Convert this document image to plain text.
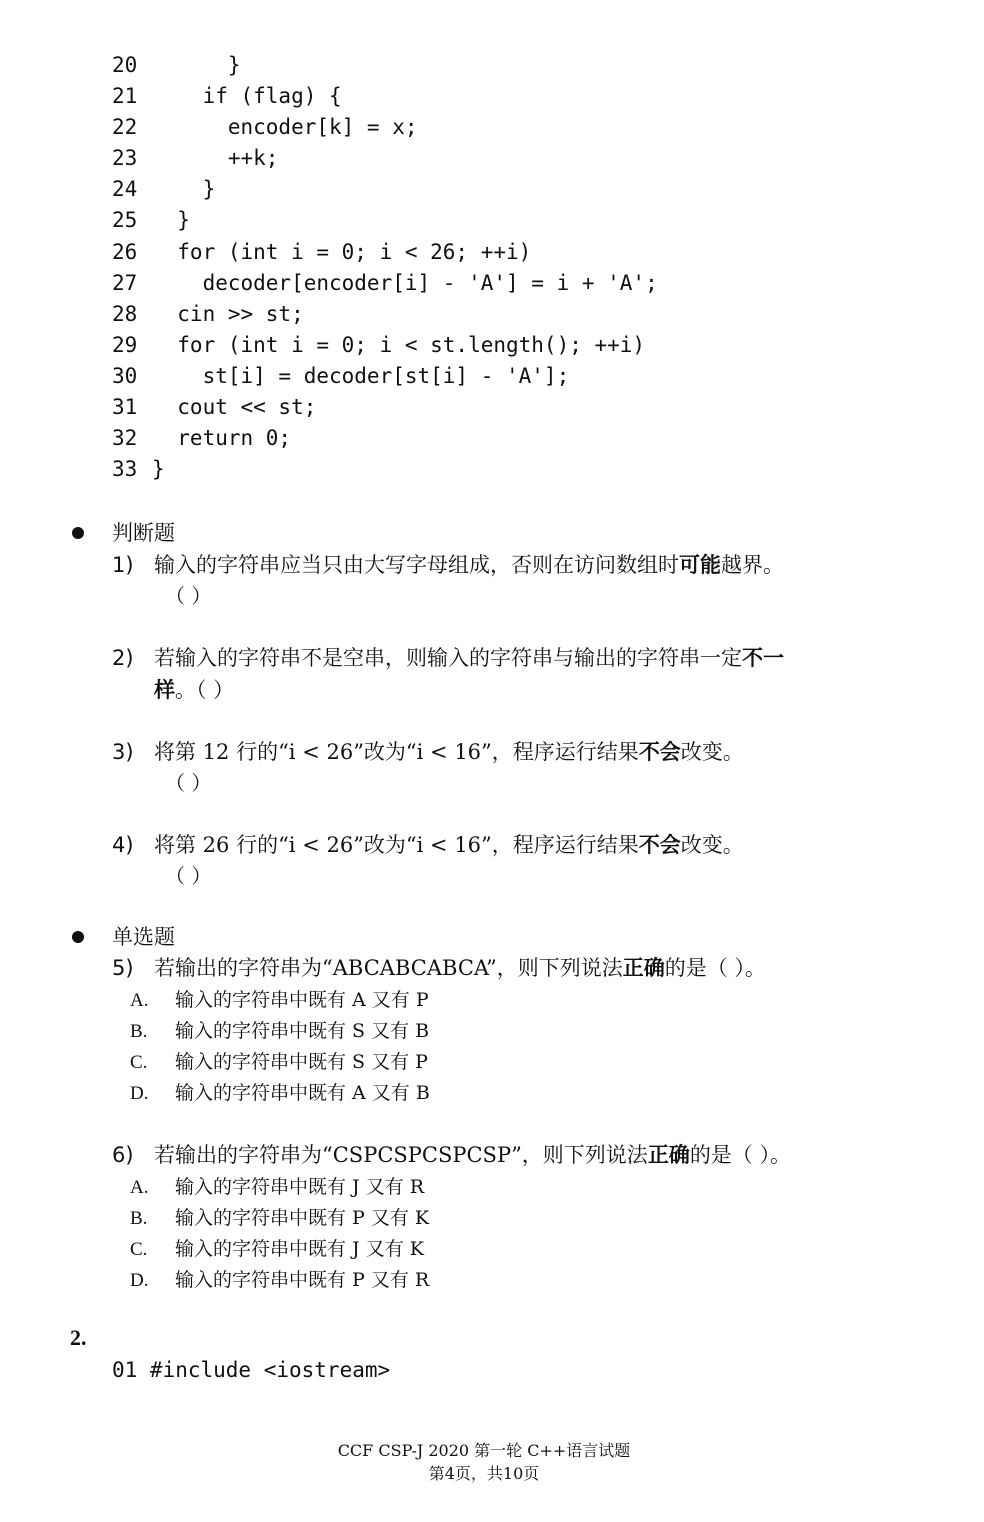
20      }
21    if (flag) {
22      encoder[k] = x;
23      ++k;
24    }
25  }
26  for (int i = 0; i < 26; ++i)
27    decoder[encoder[i] - 'A'] = i + 'A';
28  cin >> st;
29  for (int i = 0; i < st.length(); ++i)
30    st[i] = decoder[st[i] - 'A'];
31  cout << st;
32  return 0;
33 }
判断题
1) 输入的字符串应当只由大写字母组成，否则在访问数组时可能越界。
（ ）
2) 若输入的字符串不是空串，则输入的字符串与输出的字符串一定不一
样。（ ）
3) 将第 12 行的“i < 26”改为“i < 16”，程序运行结果不会改变。
（ ）
4) 将第 26 行的“i < 26”改为“i < 16”，程序运行结果不会改变。
（ ）
单选题
5) 若输出的字符串为“ABCABCABCA”，则下列说法正确的是（ ）。
A. 输入的字符串中既有 A 又有 P
B. 输入的字符串中既有 S 又有 B
C. 输入的字符串中既有 S 又有 P
D. 输入的字符串中既有 A 又有 B
6) 若输出的字符串为“CSPCSPCSPCSP”，则下列说法正确的是（ ）。
A. 输入的字符串中既有 J 又有 R
B. 输入的字符串中既有 P 又有 K
C. 输入的字符串中既有 J 又有 K
D. 输入的字符串中既有 P 又有 R
2.
01 #include <iostream>
CCF CSP-J 2020 第一轮 C++语言试题
第4页，共10页
